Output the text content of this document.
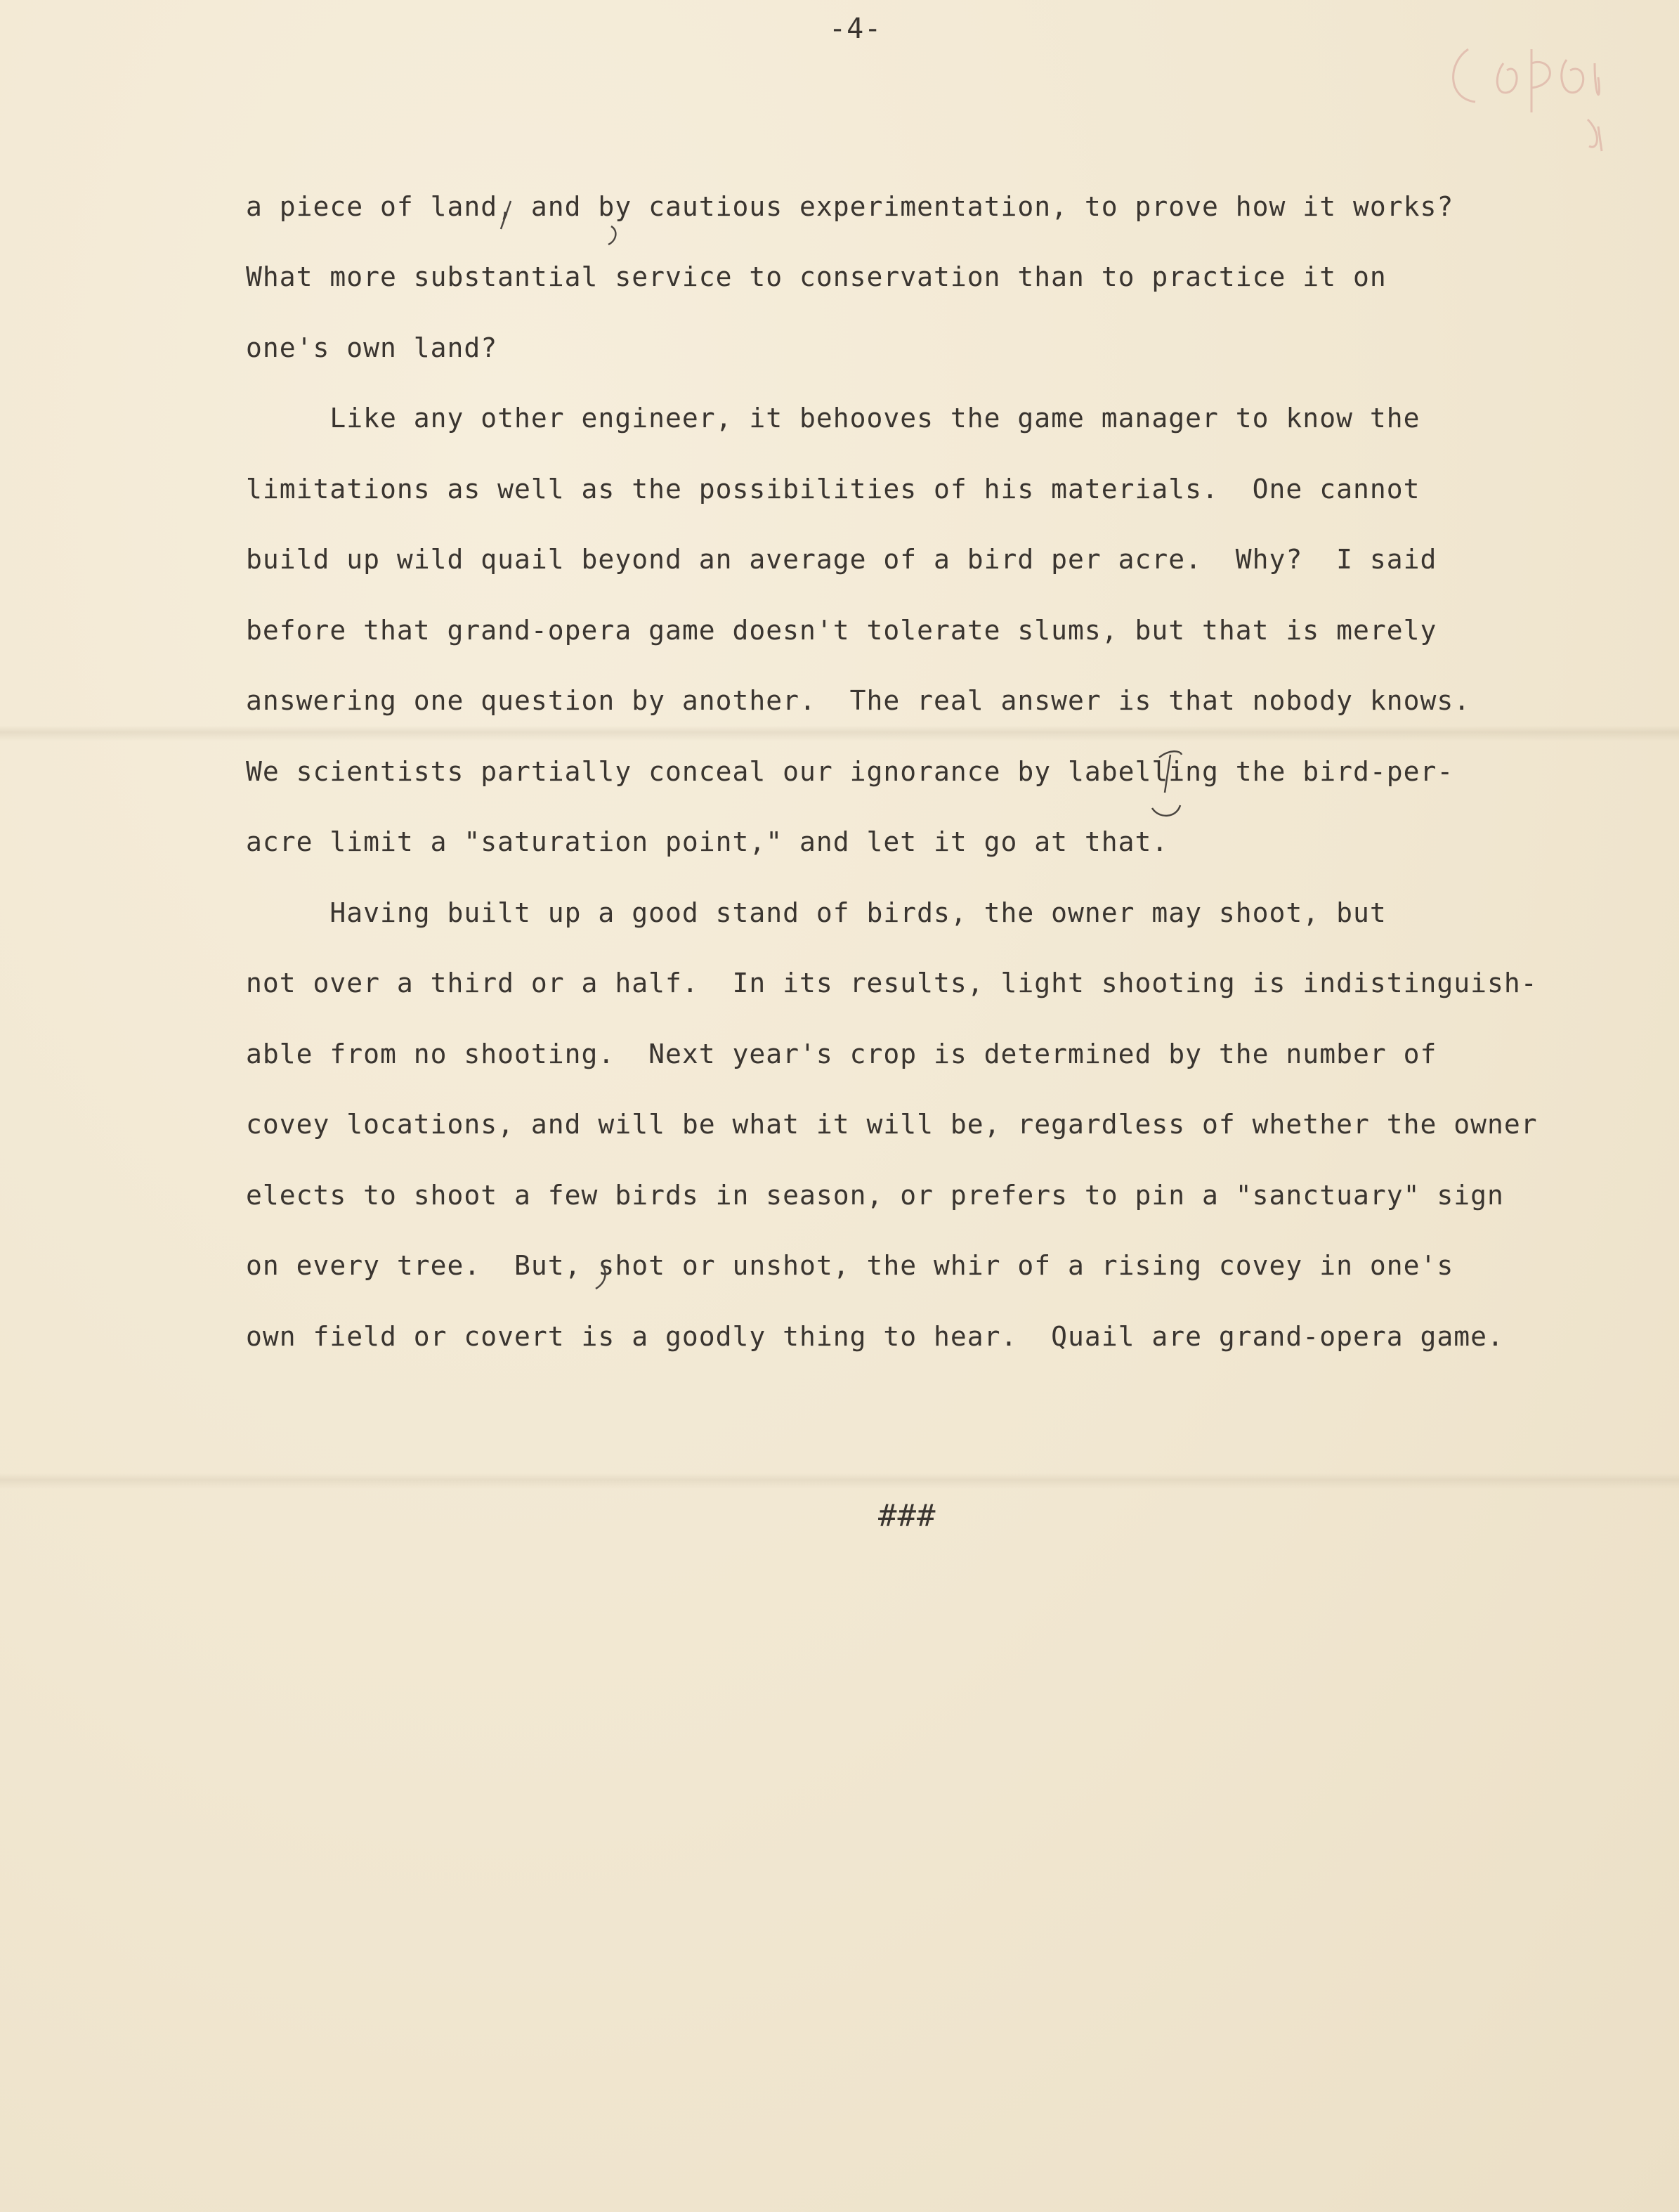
-4-
a piece of land, and by cautious experimentation, to prove how it works?
What more substantial service to conservation than to practice it on
one's own land?
Like any other engineer, it behooves the game manager to know the
limitations as well as the possibilities of his materials.  One cannot
build up wild quail beyond an average of a bird per acre.  Why?  I said
before that grand-opera game doesn't tolerate slums, but that is merely
answering one question by another.  The real answer is that nobody knows.
We scientists partially conceal our ignorance by labelling the bird-per-
acre limit a "saturation point," and let it go at that.
Having built up a good stand of birds, the owner may shoot, but
not over a third or a half.  In its results, light shooting is indistinguish-
able from no shooting.  Next year's crop is determined by the number of
covey locations, and will be what it will be, regardless of whether the owner
elects to shoot a few birds in season, or prefers to pin a "sanctuary" sign
on every tree.  But, shot or unshot, the whir of a rising covey in one's
own field or covert is a goodly thing to hear.  Quail are grand-opera game.
###
